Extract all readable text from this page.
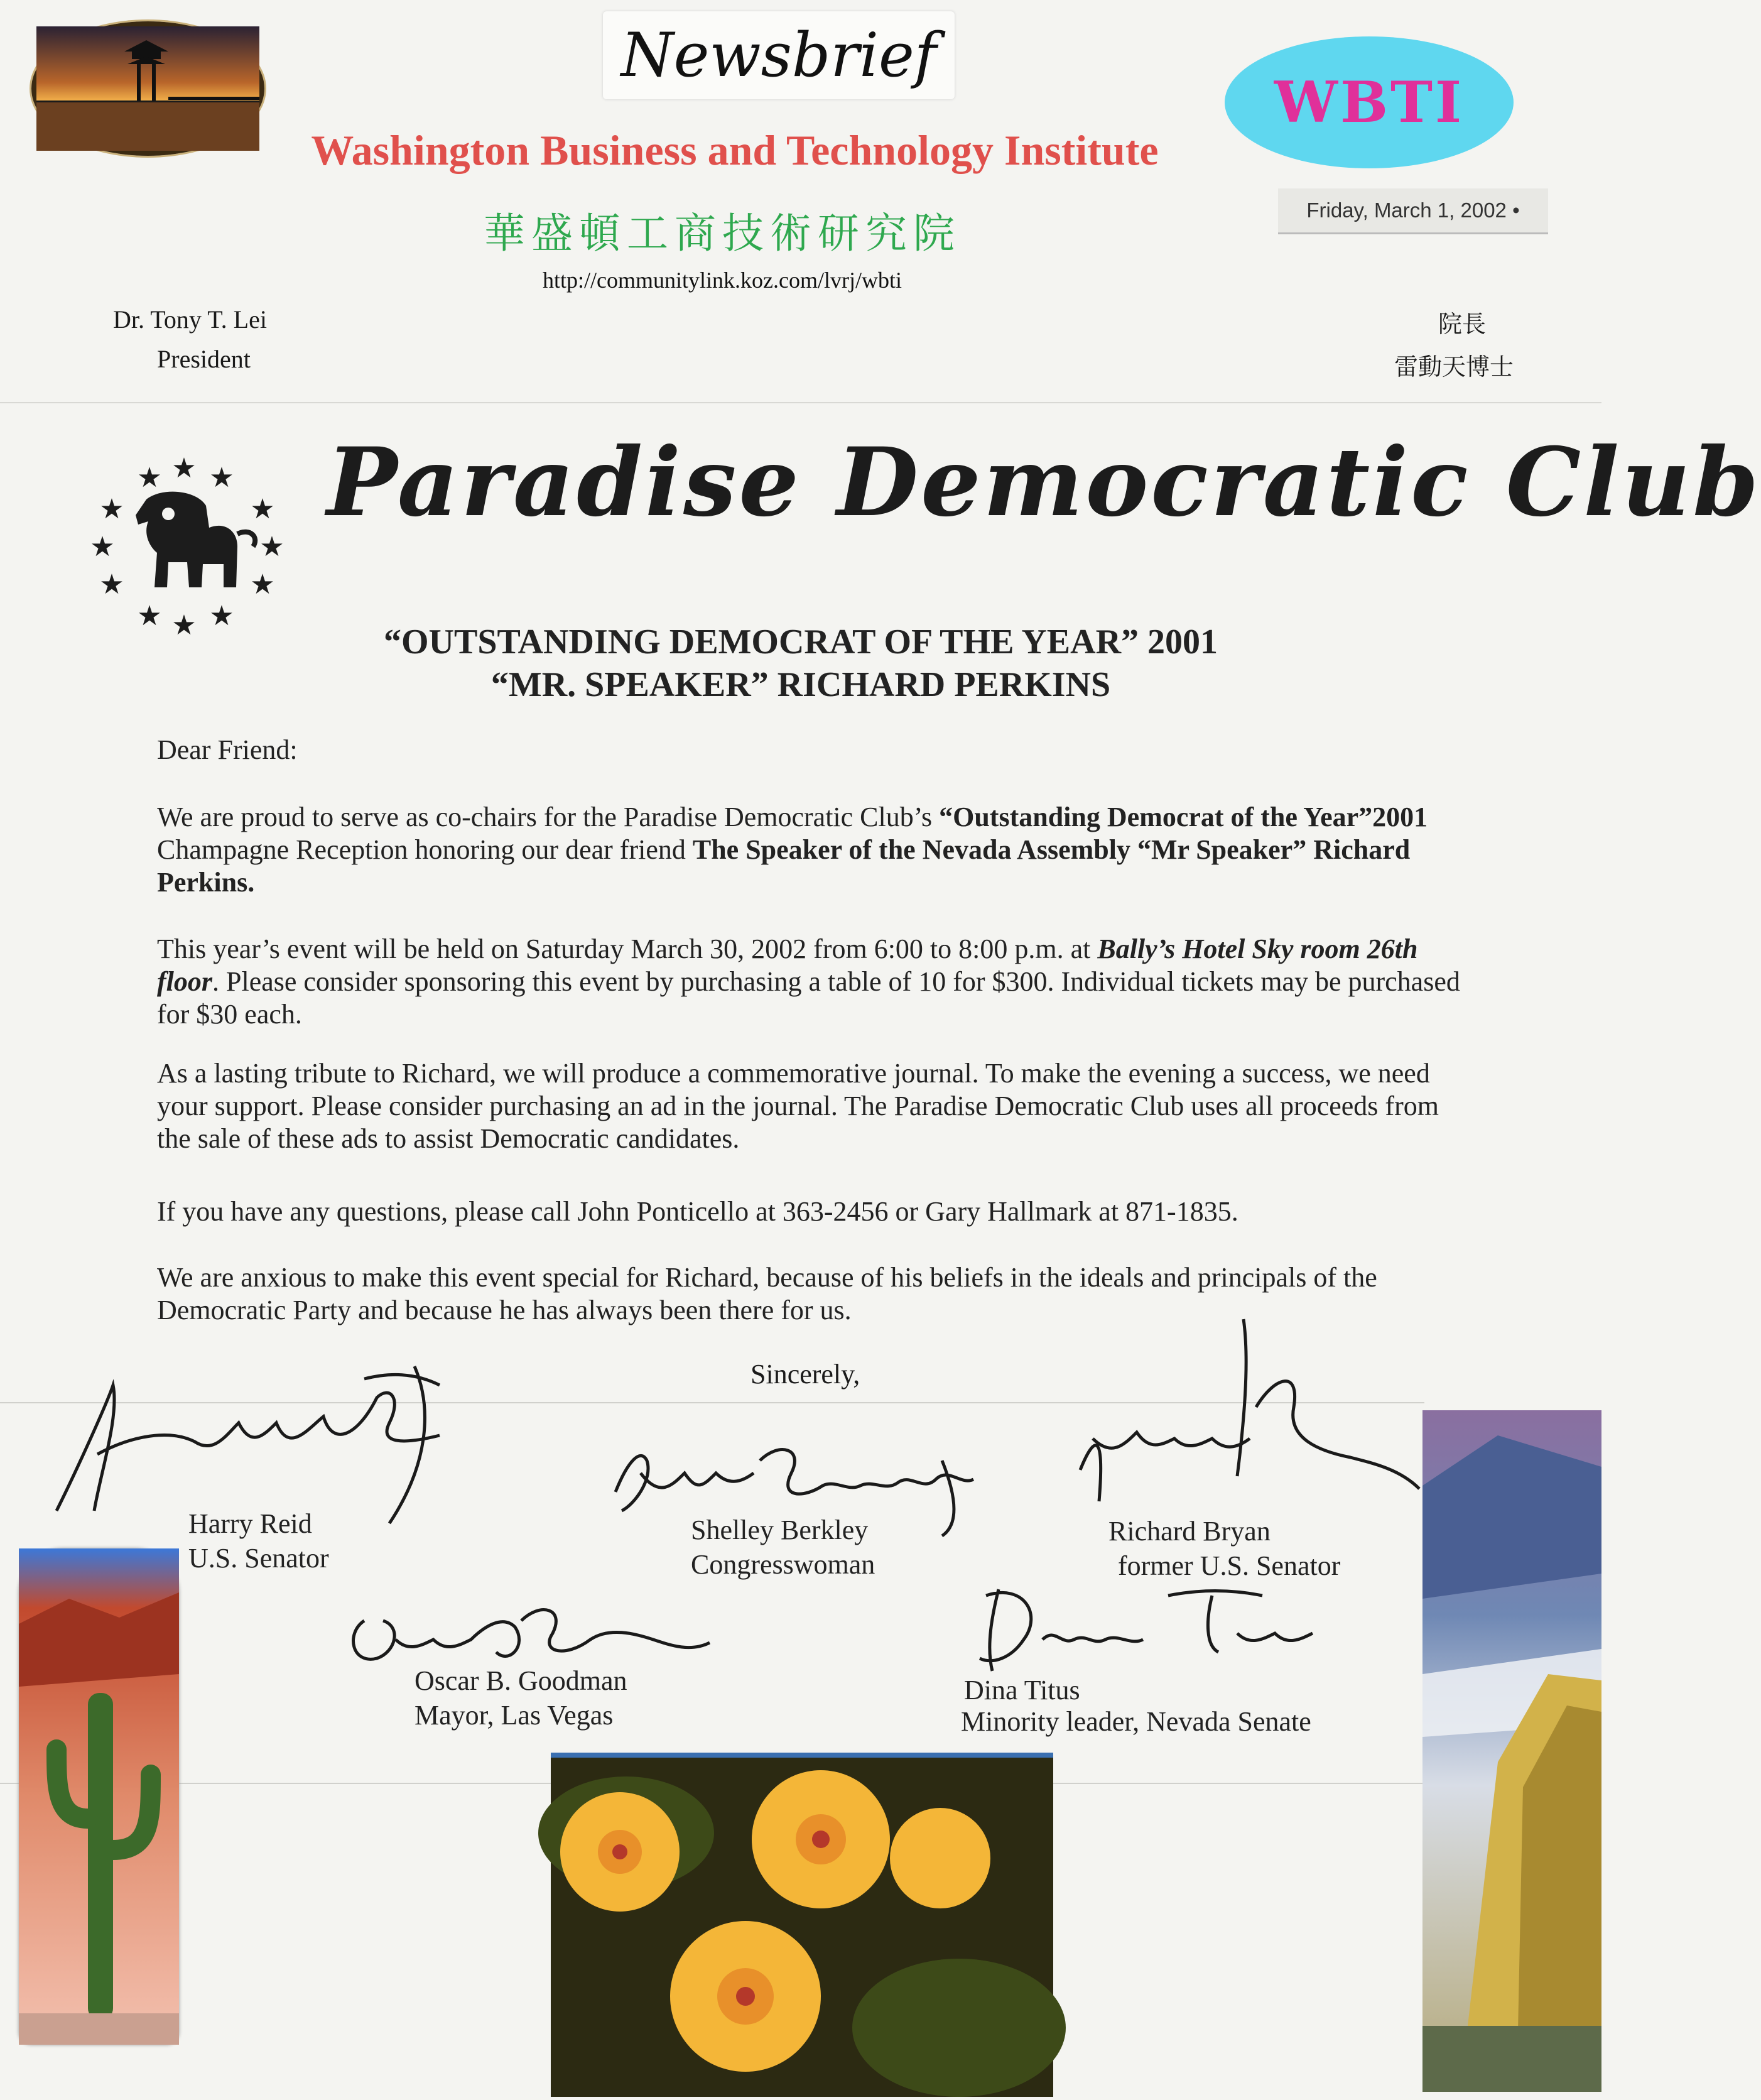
Newsbrief
WBTI
Washington Business and Technology Institute
Friday, March 1, 2002 •
華盛頓工商技術研究院
http://communitylink.koz.com/lvrj/wbti
Dr. Tony T. Lei
President
院長
雷動天博士
★
★ ★
★	★
★	★
★	★
★ ★
★
Paradise Democratic Club
“OUTSTANDING DEMOCRAT OF THE YEAR” 2001
“MR. SPEAKER” RICHARD PERKINS
Dear Friend:
We are proud to serve as co-chairs for the Paradise Democratic Club’s “Outstanding Democrat of the Year”2001 Champagne Reception honoring our dear friend The Speaker of the Nevada Assembly “Mr Speaker” Richard Perkins.
This year’s event will be held on Saturday March 30, 2002 from 6:00 to 8:00 p.m. at Bally’s Hotel Sky room 26th floor. Please consider sponsoring this event by purchasing a table of 10 for $300. Individual tickets may be purchased for $30 each.
As a lasting tribute to Richard, we will produce a commemorative journal. To make the evening a success, we need your support. Please consider purchasing an ad in the journal. The Paradise Democratic Club uses all proceeds from the sale of these ads to assist Democratic candidates.
If you have any questions, please call John Ponticello at 363-2456 or Gary Hallmark at 871-1835.
We are anxious to make this event special for Richard, because of his beliefs in the ideals and principals of the Democratic Party and because he has always been there for us.
Sincerely,
Harry Reid
U.S. Senator
Shelley Berkley
Congresswoman
Richard Bryan
former U.S. Senator
Oscar B. Goodman
Mayor, Las Vegas
Dina Titus
Minority leader, Nevada Senate
